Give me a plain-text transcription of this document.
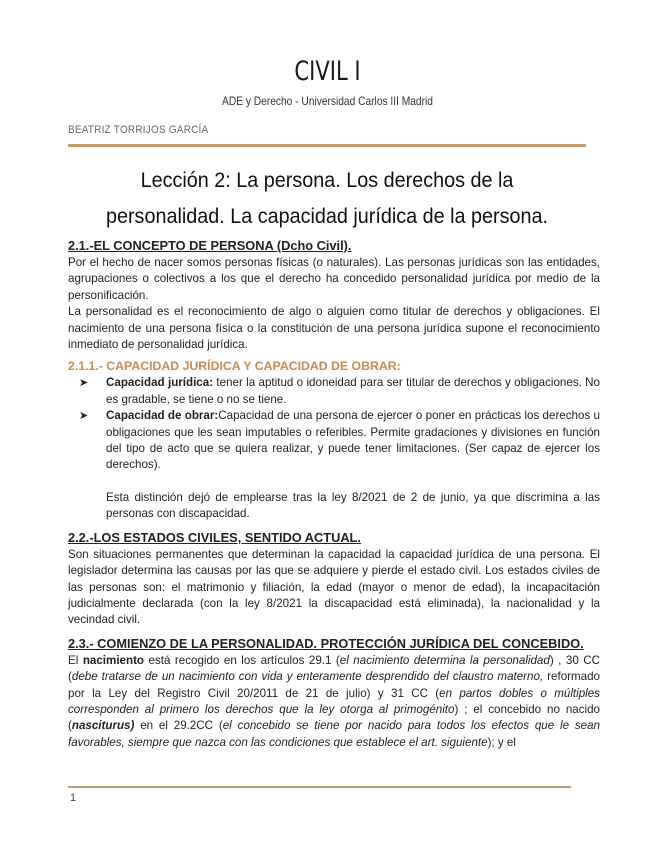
CIVIL I
ADE y Derecho - Universidad Carlos III Madrid
BEATRIZ TORRIJOS GARCÍA
Lección 2: La persona. Los derechos de la personalidad. La capacidad jurídica de la persona.
2.1.-EL CONCEPTO DE PERSONA (Dcho Civil).

Por el hecho de nacer somos personas físicas (o naturales). Las personas jurídicas son las entidades, agrupaciones o colectivos a los que el derecho ha concedido personalidad jurídica por medio de la personificación.

La personalidad es el reconocimiento de algo o alguien como titular de derechos y obligaciones. El nacimiento de una persona física o la constitución de una persona jurídica supone el reconocimiento inmediato de personalidad jurídica.

2.1.1.- CAPACIDAD JURÍDICA Y CAPACIDAD DE OBRAR:
➤ Capacidad jurídica: tener la aptitud o idoneidad para ser titular de derechos y obligaciones. No es gradable, se tiene o no se tiene.
➤ Capacidad de obrar:Capacidad de una persona de ejercer o poner en prácticas los derechos u obligaciones que les sean imputables o referibles. Permite gradaciones y divisiones en función del tipo de acto que se quiera realizar, y puede tener limitaciones. (Ser capaz de ejercer los derechos).

Esta distinción dejó de emplearse tras la ley 8/2021 de 2 de junio, ya que discrimina a las personas con discapacidad.

2.2.-LOS ESTADOS CIVILES, SENTIDO ACTUAL.

Son situaciones permanentes que determinan la capacidad la capacidad jurídica de una persona. El legislador determina las causas por las que se adquiere y pierde el estado civil. Los estados civiles de las personas son: el matrimonio y filiación, la edad (mayor o menor de edad), la incapacitación judicialmente declarada (con la ley 8/2021 la discapacidad está eliminada), la nacionalidad y la vecindad civil.

2.3.- COMIENZO DE LA PERSONALIDAD. PROTECCIÓN JURÍDICA DEL CONCEBIDO.

El nacimiento está recogido en los artículos 29.1 (el nacimiento determina la personalidad) , 30 CC (debe tratarse de un nacimiento con vida y enteramente desprendido del claustro materno, reformado por la Ley del Registro Civil 20/2011 de 21 de julio) y 31 CC (en partos dobles o múltiples corresponden al primero los derechos que la ley otorga al primogénito) ; el concebido no nacido (nasciturus) en el 29.2CC (el concebido se tiene por nacido para todos los efectos que le sean favorables, siempre que nazca con las condiciones que establece el art. siguiente); y el

1
